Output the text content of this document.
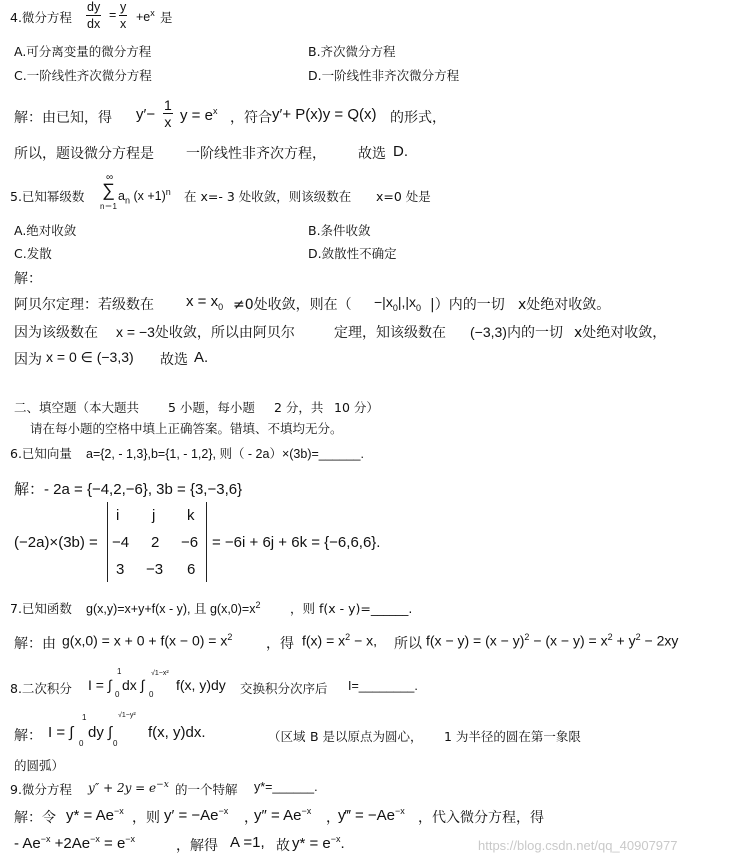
4.微分方程 $\frac{dy}{dx} = \frac{y}{x} +e^x$ 是
A.可分离变量的微分方程	B.齐次微分方程
C.一阶线性齐次微分方程	D.一阶线性非齐次微分方程
解：由已知，得 $y'- \frac{1}{x}$ $y = e^x$ ，符合 y′+ P(x)y = Q(x) 的形式，
所以，题设微分方程是 一阶线性非齐次方程， 故选 D.
5.已知幂级数
∞
∑
n＝1
$a_n$ $(x +1)^n$ 在 x=- 3 处收敛，则该级数在 x=0 处是
A.绝对收敛	B.条件收敛
C.发散	D.敛散性不确定
解：
阿贝尔定理：若级数在 $x = x_0 \ne 0$处收敛，则在（ $-|x_0|,|x_0$ |）内的一切 x处绝对收敛。
因为该级数在 x = −3处收敛，所以由阿贝尔	定理，知该级数在 (−3,3)内的一切 x处绝对收敛，
因为 x = 0 ∈ (−3,3) 故选 A.
二、填空题（本大题共 5 小题，每小题 2 分，共 10 分）
请在每小题的空格中填上正确答案。错填、不填均无分。
6.已知向量 a={2, - 1,3},b={1, - 1,2}, 则（ - 2a）×(3b)=______.
解：- 2a = {−4,2,−6}, 3b = {3,−3,6}
(−2a)×(3b) =
i j k
−4 2 −6
3 −3 6
= −6i + 6j + 6k = {−6,6,6}.
7.已知函数 g(x,y)=x+y+f(x - y), 且 $g(x,0)=x^2$ ，则 f(x - y)=______.
解：由 $g(x,0) = x + 0 + f(x - 0) = x^2$ ，得 $f(x) = x^2 - x$, 所以 $f(x - y) = (x - y)^2 - (x - y) = x^2 + y^2 - 2xy$
8.二次积分 I = ∫
1
0
dx ∫
√1−x²
0
f(x, y)dy 交换积分次序后 I=________.
解： I = ∫
1
0
dy ∫
√1−y²
0
f(x, y)dx.	（区域 B 是以原点为圆心， 1 为半径的圆在第一象限
的圆弧）
9.微分方程 $y'' + 2y = e^{-x}$ 的一个特解 y*=______.
解：令 $y* = Ae^{-x}$ ，则 $y' = -Ae^{-x}$ ，
$y'' = Ae^{-x}$ ，
y‴ = $-Ae^{-x}$ ，代入微分方程，得
- $Ae^{-x} +2Ae^{-x} = e^{-x}$	，解得 A =1, 故 $y* = e^{-x}$.	https://blog.csdn.net/qq_40907977
